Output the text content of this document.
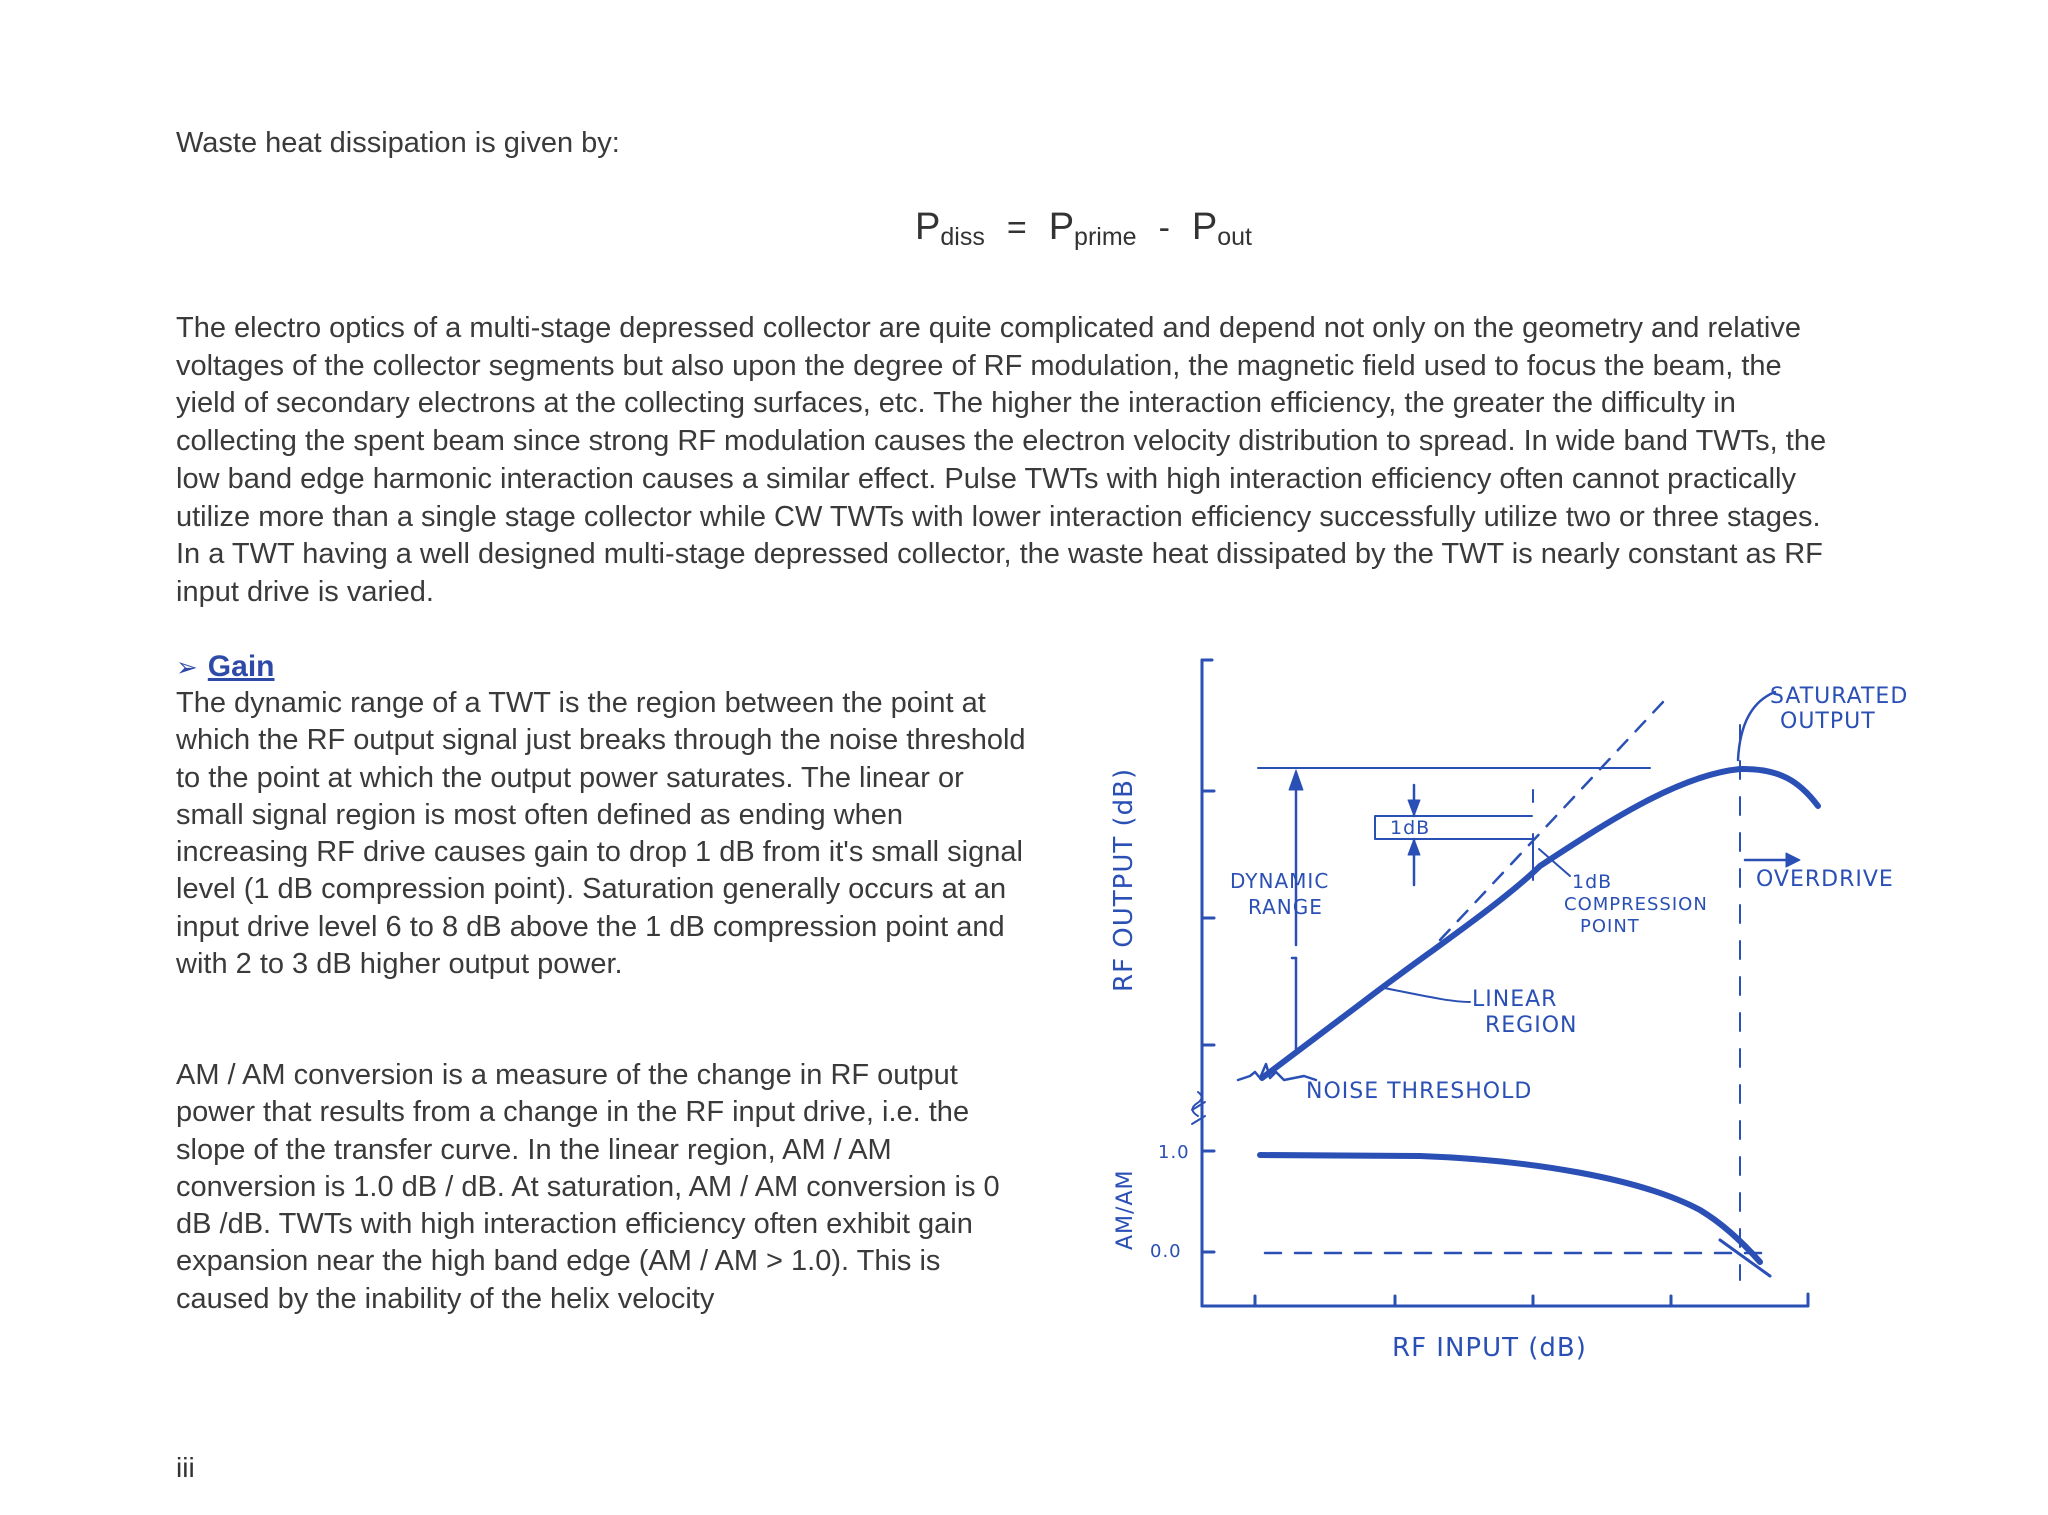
Waste heat dissipation is given by:

Pdiss = Pprime - Pout

The electro optics of a multi-stage depressed collector are quite complicated and depend not only on the geometry and relative voltages of the collector segments but also upon the degree of RF modulation, the magnetic field used to focus the beam, the yield of secondary electrons at the collecting surfaces, etc. The higher the interaction efficiency, the greater the difficulty in collecting the spent beam since strong RF modulation causes the electron velocity distribution to spread. In wide band TWTs, the low band edge harmonic interaction causes a similar effect. Pulse TWTs with high interaction efficiency often cannot practically utilize more than a single stage collector while CW TWTs with lower interaction efficiency successfully utilize two or three stages. In a TWT having a well designed multi-stage depressed collector, the waste heat dissipated by the TWT is nearly constant as RF input drive is varied.

➢ Gain

The dynamic range of a TWT is the region between the point at which the RF output signal just breaks through the noise threshold to the point at which the output power saturates. The linear or small signal region is most often defined as ending when increasing RF drive causes gain to drop 1 dB from it's small signal level (1 dB compression point). Saturation generally occurs at an input drive level 6 to 8 dB above the 1 dB compression point and with 2 to 3 dB higher output power.

AM / AM conversion is a measure of the change in RF output power that results from a change in the RF input drive, i.e. the slope of the transfer curve. In the linear region, AM / AM conversion is 1.0 dB / dB. At saturation, AM / AM conversion is 0 dB /dB. TWTs with high interaction efficiency often exhibit gain expansion near the high band edge (AM / AM > 1.0). This is caused by the inability of the helix velocity

iii
SATURATED
OUTPUT
OVERDRIVE
DYNAMIC
RANGE
1dB
1dB
COMPRESSION
POINT
LINEAR
REGION
NOISE THRESHOLD
1.0
0.0
RF INPUT (dB)
RF OUTPUT (dB)
AM/AM
